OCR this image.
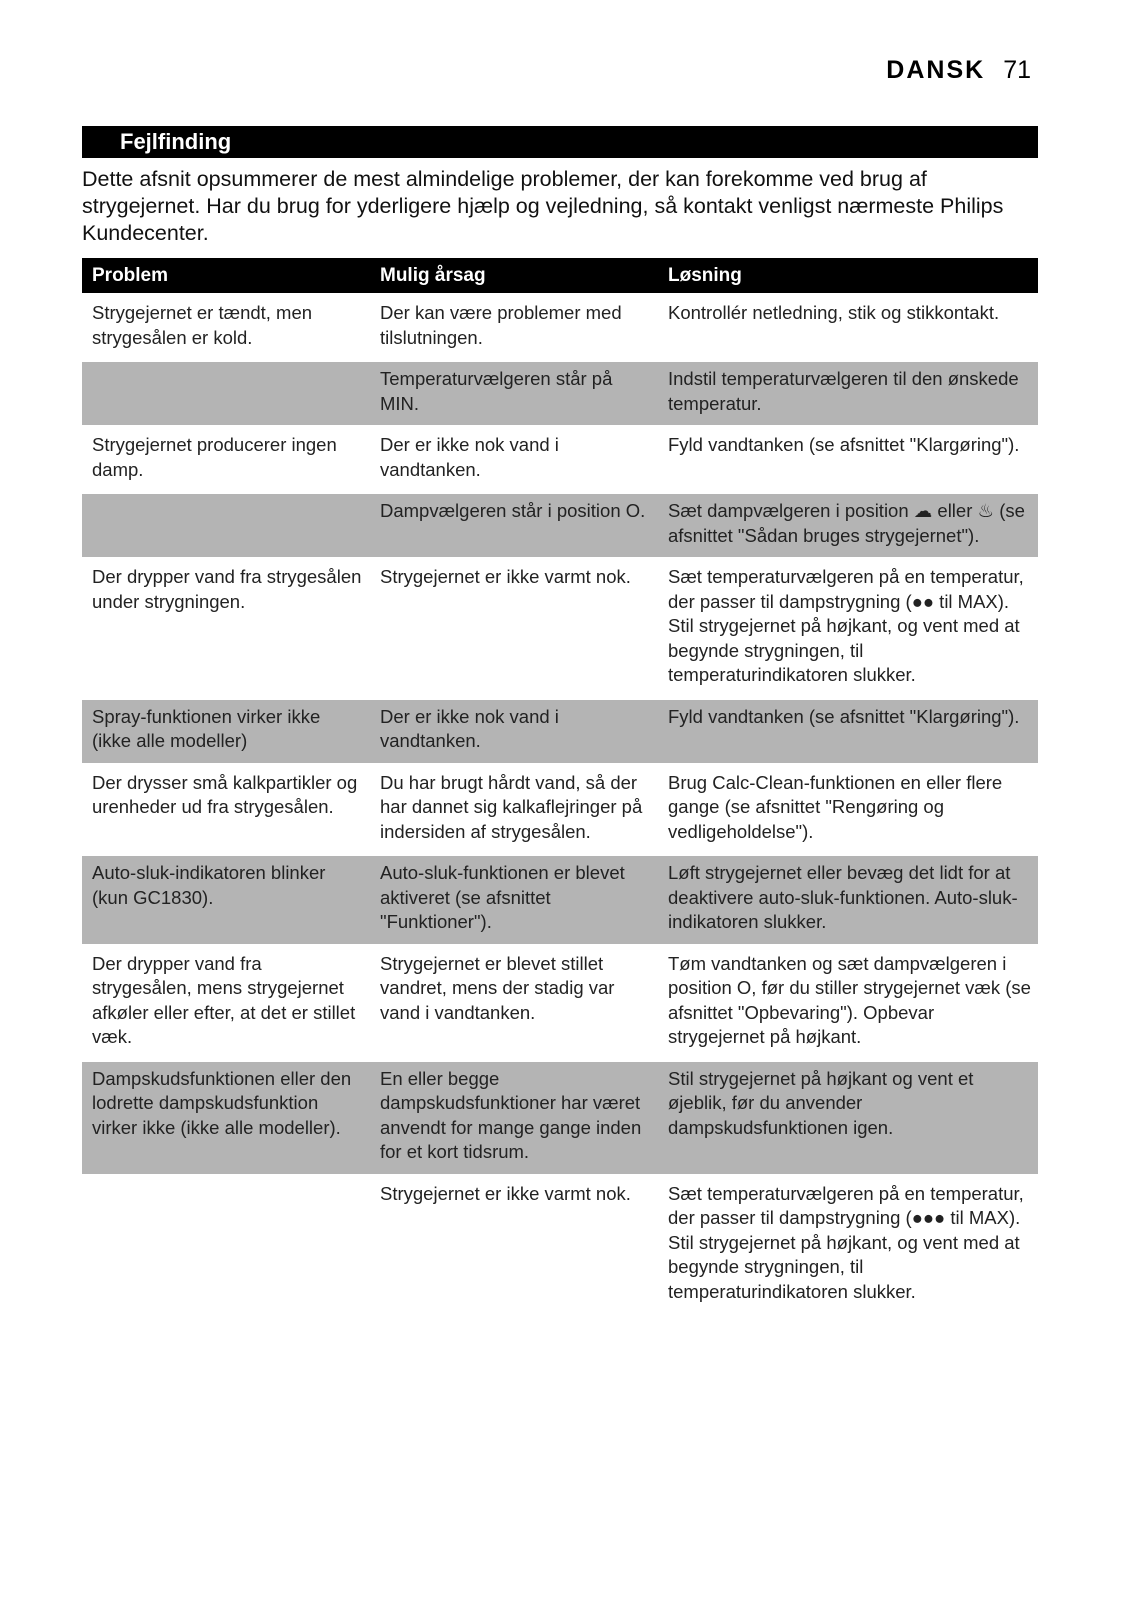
DANSK 71
Fejlfinding

Dette afsnit opsummerer de mest almindelige problemer, der kan forekomme ved brug af strygejernet. Har du brug for yderligere hjælp og vejledning, så kontakt venligst nærmeste Philips Kundecenter.

Problem	Mulig årsag	Løsning

Strygejernet er tændt, men strygesålen er kold.	Der kan være problemer med tilslutningen.	Kontrollér netledning, stik og stikkontakt.

	Temperaturvælgeren står på MIN.	Indstil temperaturvælgeren til den ønskede temperatur.

Strygejernet producerer ingen damp.	Der er ikke nok vand i vandtanken.	Fyld vandtanken (se afsnittet "Klargøring").

	Dampvælgeren står i position O.	Sæt dampvælgeren i position ☁ eller ♨ (se afsnittet "Sådan bruges strygejernet").

Der drypper vand fra strygesålen under strygningen.	Strygejernet er ikke varmt nok.	Sæt temperaturvælgeren på en temperatur, der passer til dampstrygning (●● til MAX). Stil strygejernet på højkant, og vent med at begynde strygningen, til temperaturindikatoren slukker.

Spray-funktionen virker ikke (ikke alle modeller)	Der er ikke nok vand i vandtanken.	Fyld vandtanken (se afsnittet "Klargøring").

Der drysser små kalkpartikler og urenheder ud fra strygesålen.	Du har brugt hårdt vand, så der har dannet sig kalkaflejringer på indersiden af strygesålen.	Brug Calc-Clean-funktionen en eller flere gange (se afsnittet "Rengøring og vedligeholdelse").

Auto-sluk-indikatoren blinker (kun GC1830).	Auto-sluk-funktionen er blevet aktiveret (se afsnittet "Funktioner").	Løft strygejernet eller bevæg det lidt for at deaktivere auto-sluk-funktionen. Auto-sluk-indikatoren slukker.

Der drypper vand fra strygesålen, mens strygejernet afkøler eller efter, at det er stillet væk.	Strygejernet er blevet stillet vandret, mens der stadig var vand i vandtanken.	Tøm vandtanken og sæt dampvælgeren i position O, før du stiller strygejernet væk (se afsnittet "Opbevaring"). Opbevar strygejernet på højkant.

Dampskudsfunktionen eller den lodrette dampskudsfunktion virker ikke (ikke alle modeller).	En eller begge dampskudsfunktioner har været anvendt for mange gange inden for et kort tidsrum.	Stil strygejernet på højkant og vent et øjeblik, før du anvender dampskudsfunktionen igen.

	Strygejernet er ikke varmt nok.	Sæt temperaturvælgeren på en temperatur, der passer til dampstrygning (●●● til MAX). Stil strygejernet på højkant, og vent med at begynde strygningen, til temperaturindikatoren slukker.
